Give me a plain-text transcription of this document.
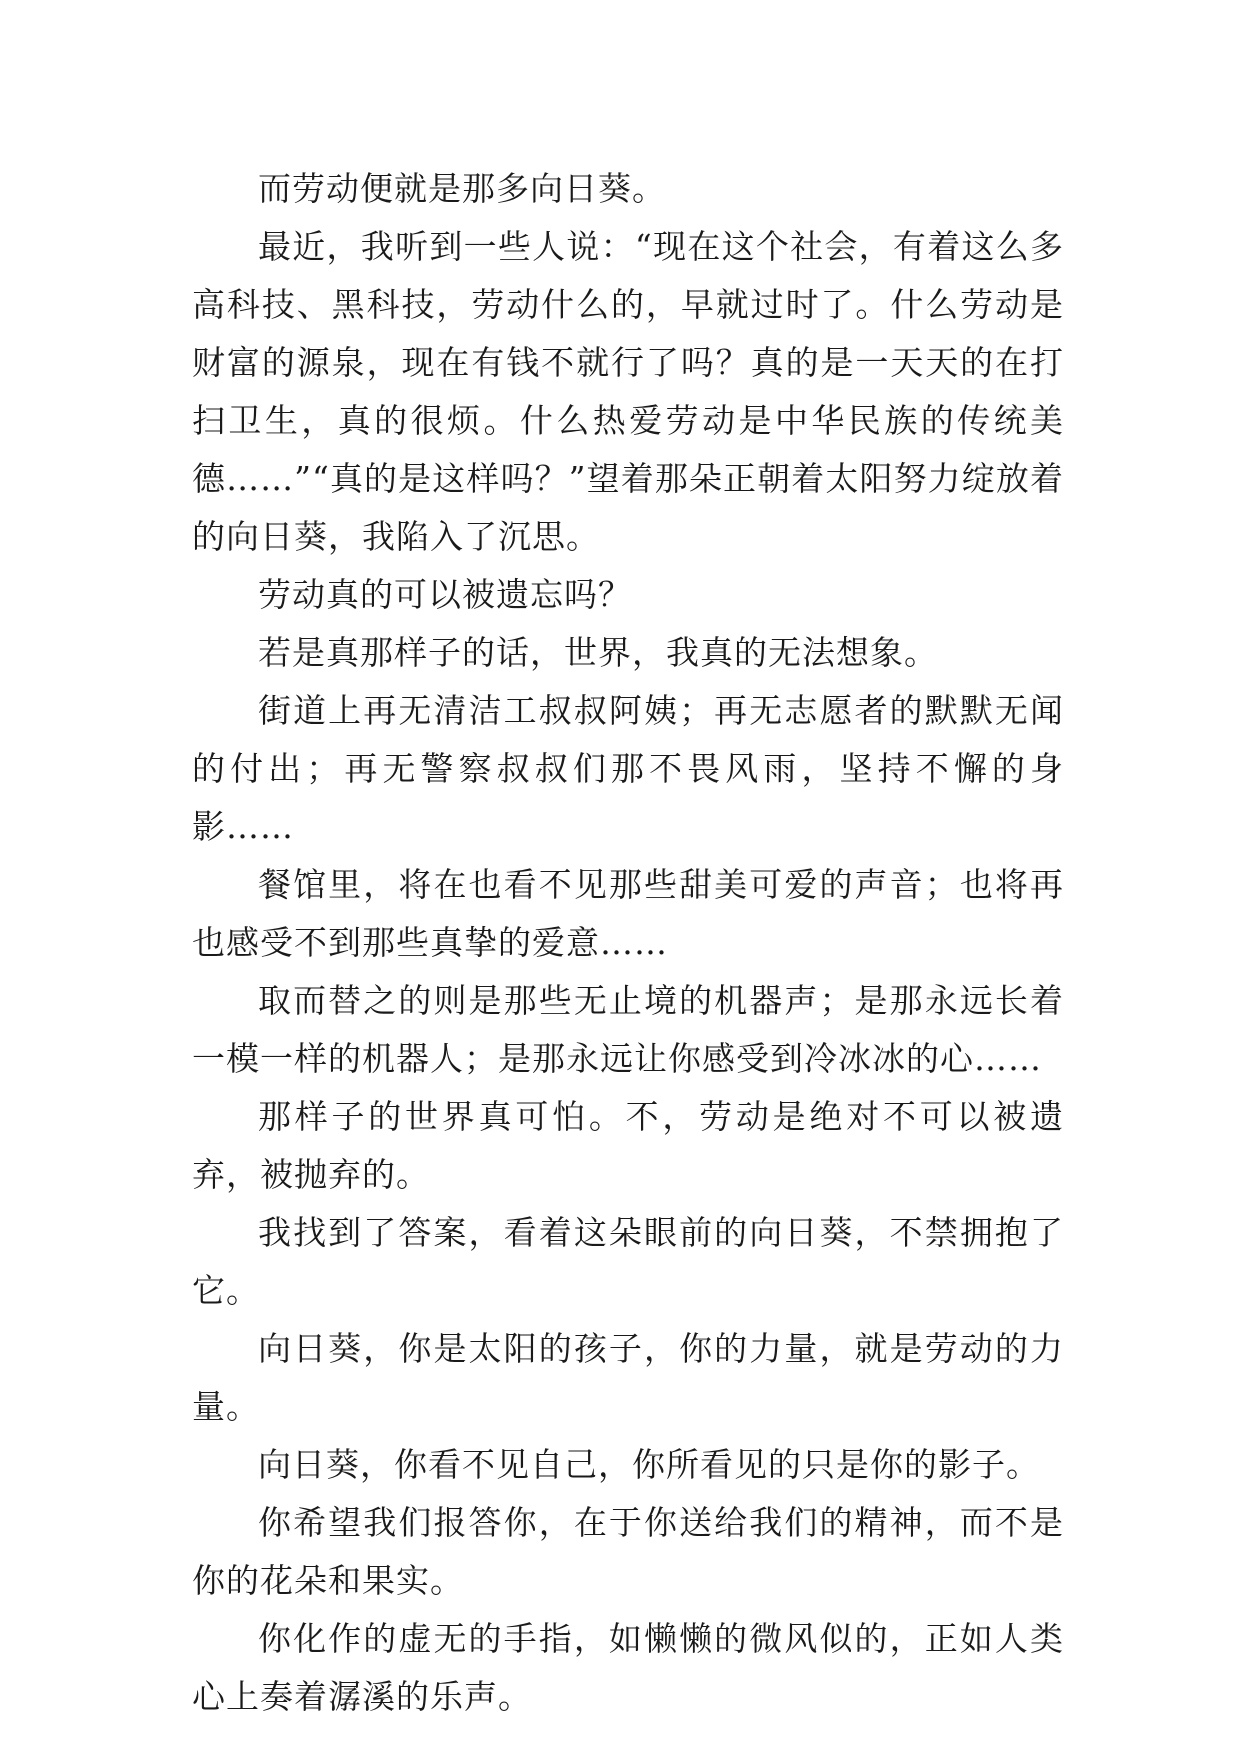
而劳动便就是那多向日葵。

最近，我听到一些人说：“现在这个社会，有着这么多高科技、黑科技，劳动什么的，早就过时了。什么劳动是财富的源泉，现在有钱不就行了吗？真的是一天天的在打扫卫生，真的很烦。什么热爱劳动是中华民族的传统美德……”“真的是这样吗？”望着那朵正朝着太阳努力绽放着的向日葵，我陷入了沉思。

劳动真的可以被遗忘吗？

若是真那样子的话，世界，我真的无法想象。

街道上再无清洁工叔叔阿姨；再无志愿者的默默无闻的付出；再无警察叔叔们那不畏风雨，坚持不懈的身影……

餐馆里，将在也看不见那些甜美可爱的声音；也将再也感受不到那些真挚的爱意……

取而替之的则是那些无止境的机器声；是那永远长着一模一样的机器人；是那永远让你感受到冷冰冰的心……

那样子的世界真可怕。不，劳动是绝对不可以被遗弃，被抛弃的。

我找到了答案，看着这朵眼前的向日葵，不禁拥抱了它。

向日葵，你是太阳的孩子，你的力量，就是劳动的力量。

向日葵，你看不见自己，你所看见的只是你的影子。

你希望我们报答你，在于你送给我们的精神，而不是你的花朵和果实。

你化作的虚无的手指，如懒懒的微风似的，正如人类心上奏着潺溪的乐声。
